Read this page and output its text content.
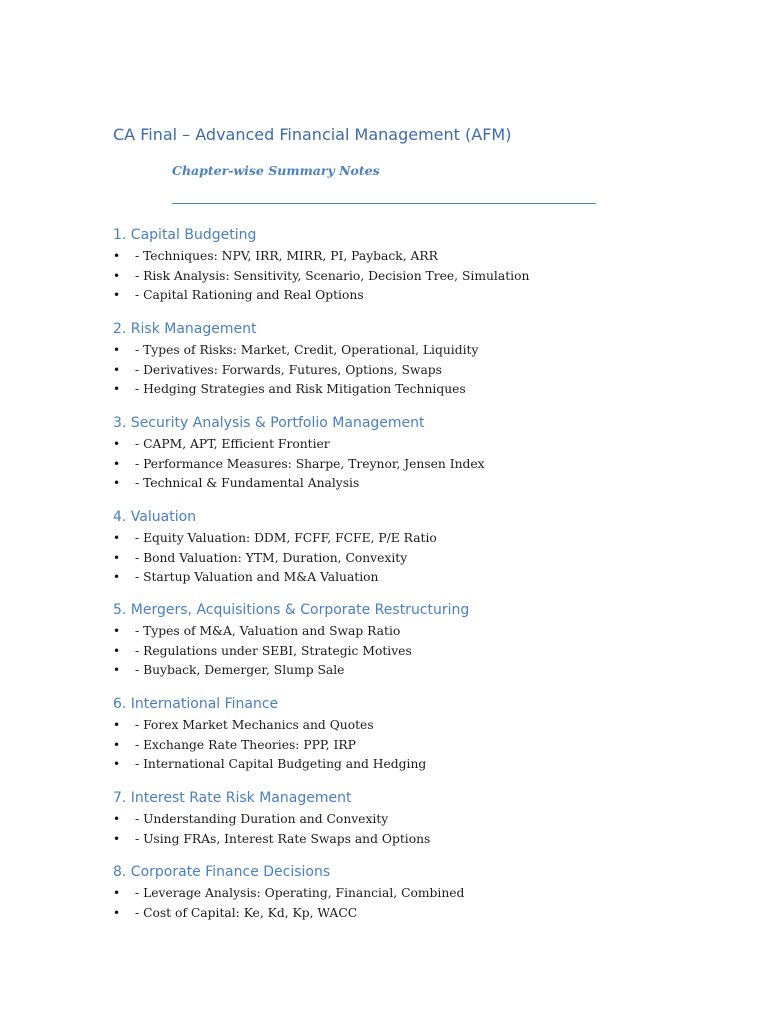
CA Final – Advanced Financial Management (AFM)
Chapter-wise Summary Notes
1. Capital Budgeting
• - Techniques: NPV, IRR, MIRR, PI, Payback, ARR
• - Risk Analysis: Sensitivity, Scenario, Decision Tree, Simulation
• - Capital Rationing and Real Options
2. Risk Management
• - Types of Risks: Market, Credit, Operational, Liquidity
• - Derivatives: Forwards, Futures, Options, Swaps
• - Hedging Strategies and Risk Mitigation Techniques
3. Security Analysis & Portfolio Management
• - CAPM, APT, Efficient Frontier
• - Performance Measures: Sharpe, Treynor, Jensen Index
• - Technical & Fundamental Analysis
4. Valuation
• - Equity Valuation: DDM, FCFF, FCFE, P/E Ratio
• - Bond Valuation: YTM, Duration, Convexity
• - Startup Valuation and M&A Valuation
5. Mergers, Acquisitions & Corporate Restructuring
• - Types of M&A, Valuation and Swap Ratio
• - Regulations under SEBI, Strategic Motives
• - Buyback, Demerger, Slump Sale
6. International Finance
• - Forex Market Mechanics and Quotes
• - Exchange Rate Theories: PPP, IRP
• - International Capital Budgeting and Hedging
7. Interest Rate Risk Management
• - Understanding Duration and Convexity
• - Using FRAs, Interest Rate Swaps and Options
8. Corporate Finance Decisions
• - Leverage Analysis: Operating, Financial, Combined
• - Cost of Capital: Ke, Kd, Kp, WACC
